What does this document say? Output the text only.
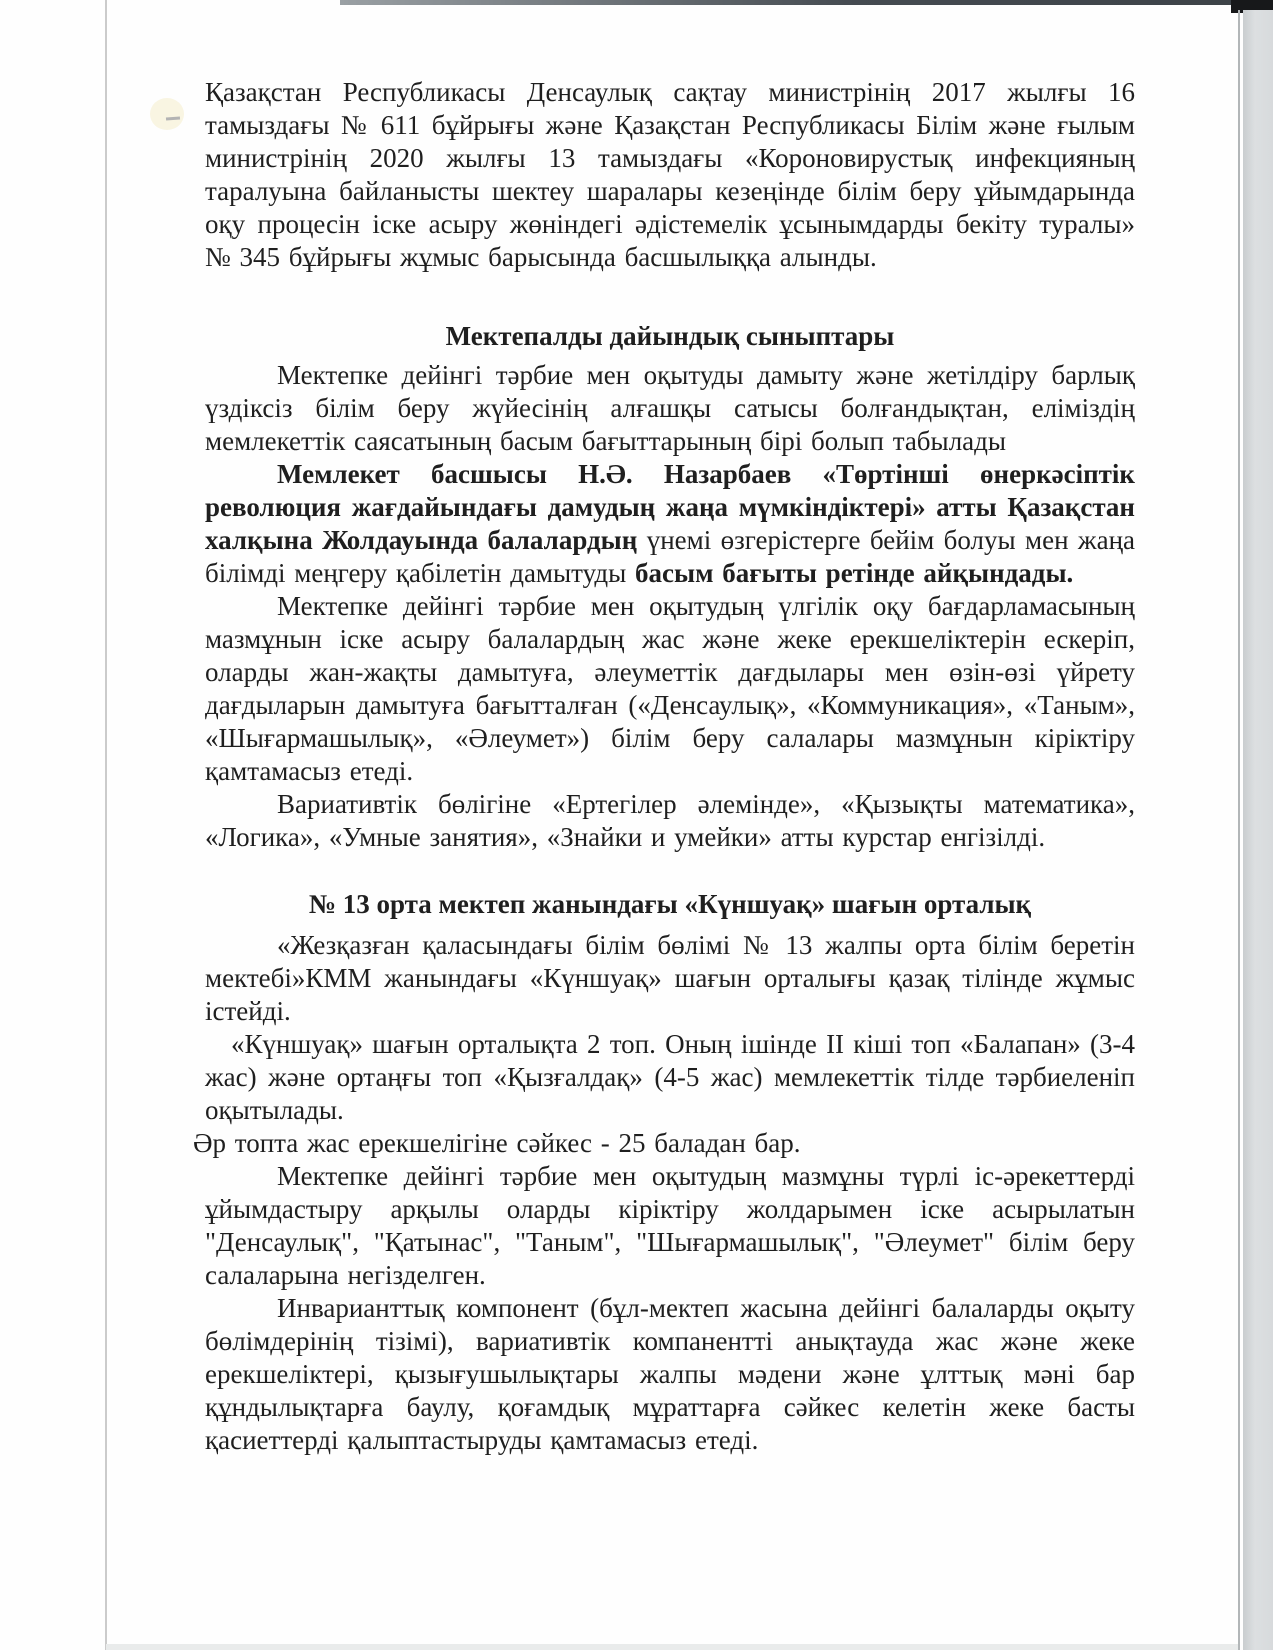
Қазақстан Республикасы Денсаулық сақтау министрінің 2017 жылғы 16 тамыздағы № 611 бұйрығы және Қазақстан Республикасы Білім және ғылым министрінің 2020 жылғы 13 тамыздағы «Короновирустық инфекцияның таралуына байланысты шектеу шаралары кезеңінде білім беру ұйымдарында оқу процесін іске асыру жөніндегі әдістемелік ұсынымдарды бекіту туралы» № 345 бұйрығы жұмыс барысында басшылыққа алынды.

Мектепалды дайындық сыныптары

Мектепке дейінгі тәрбие мен оқытуды дамыту және жетілдіру барлық үздіксіз білім беру жүйесінің алғашқы сатысы болғандықтан, еліміздің мемлекеттік саясатының басым бағыттарының бірі болып табылады

Мемлекет басшысы Н.Ә. Назарбаев «Төртінші өнеркәсіптік революция жағдайындағы дамудың жаңа мүмкіндіктері» атты Қазақстан халқына Жолдауында балалардың үнемі өзгерістерге бейім болуы мен жаңа білімді меңгеру қабілетін дамытуды басым бағыты ретінде айқындады.

Мектепке дейінгі тәрбие мен оқытудың үлгілік оқу бағдарламасының мазмұнын іске асыру балалардың жас және жеке ерекшеліктерін ескеріп, оларды жан-жақты дамытуға, әлеуметтік дағдылары мен өзін-өзі үйрету дағдыларын дамытуға бағытталған («Денсаулық», «Коммуникация», «Таным», «Шығармашылық», «Әлеумет») білім беру салалары мазмұнын кіріктіру қамтамасыз етеді.

Вариативтік бөлігіне «Ертегілер әлемінде», «Қызықты математика», «Логика», «Умные занятия», «Знайки и умейки» атты курстар енгізілді.

№ 13 орта мектеп жанындағы «Күншуақ» шағын орталық

«Жезқазған қаласындағы білім бөлімі № 13 жалпы орта білім беретін мектебі»КММ жанындағы «Күншуақ» шағын орталығы қазақ тілінде жұмыс істейді.

«Күншуақ» шағын орталықта 2 топ. Оның ішінде II кіші топ «Балапан» (3-4 жас) және ортаңғы топ «Қызғалдақ» (4-5 жас) мемлекеттік тілде тәрбиеленіп оқытылады.

Әр топта жас ерекшелігіне сәйкес - 25 баладан бар.

Мектепке дейінгі тәрбие мен оқытудың мазмұны түрлі іс-әрекеттерді ұйымдастыру арқылы оларды кіріктіру жолдарымен іске асырылатын "Денсаулық", "Қатынас", "Таным", "Шығармашылық", "Әлеумет" білім беру салаларына негізделген.

Инварианттық компонент (бұл-мектеп жасына дейінгі балаларды оқыту бөлімдерінің тізімі), вариативтік компанентті анықтауда жас және жеке ерекшеліктері, қызығушылықтары жалпы мәдени және ұлттық мәні бар құндылықтарға баулу, қоғамдық мұраттарға сәйкес келетін жеке басты қасиеттерді қалыптастыруды қамтамасыз етеді.
